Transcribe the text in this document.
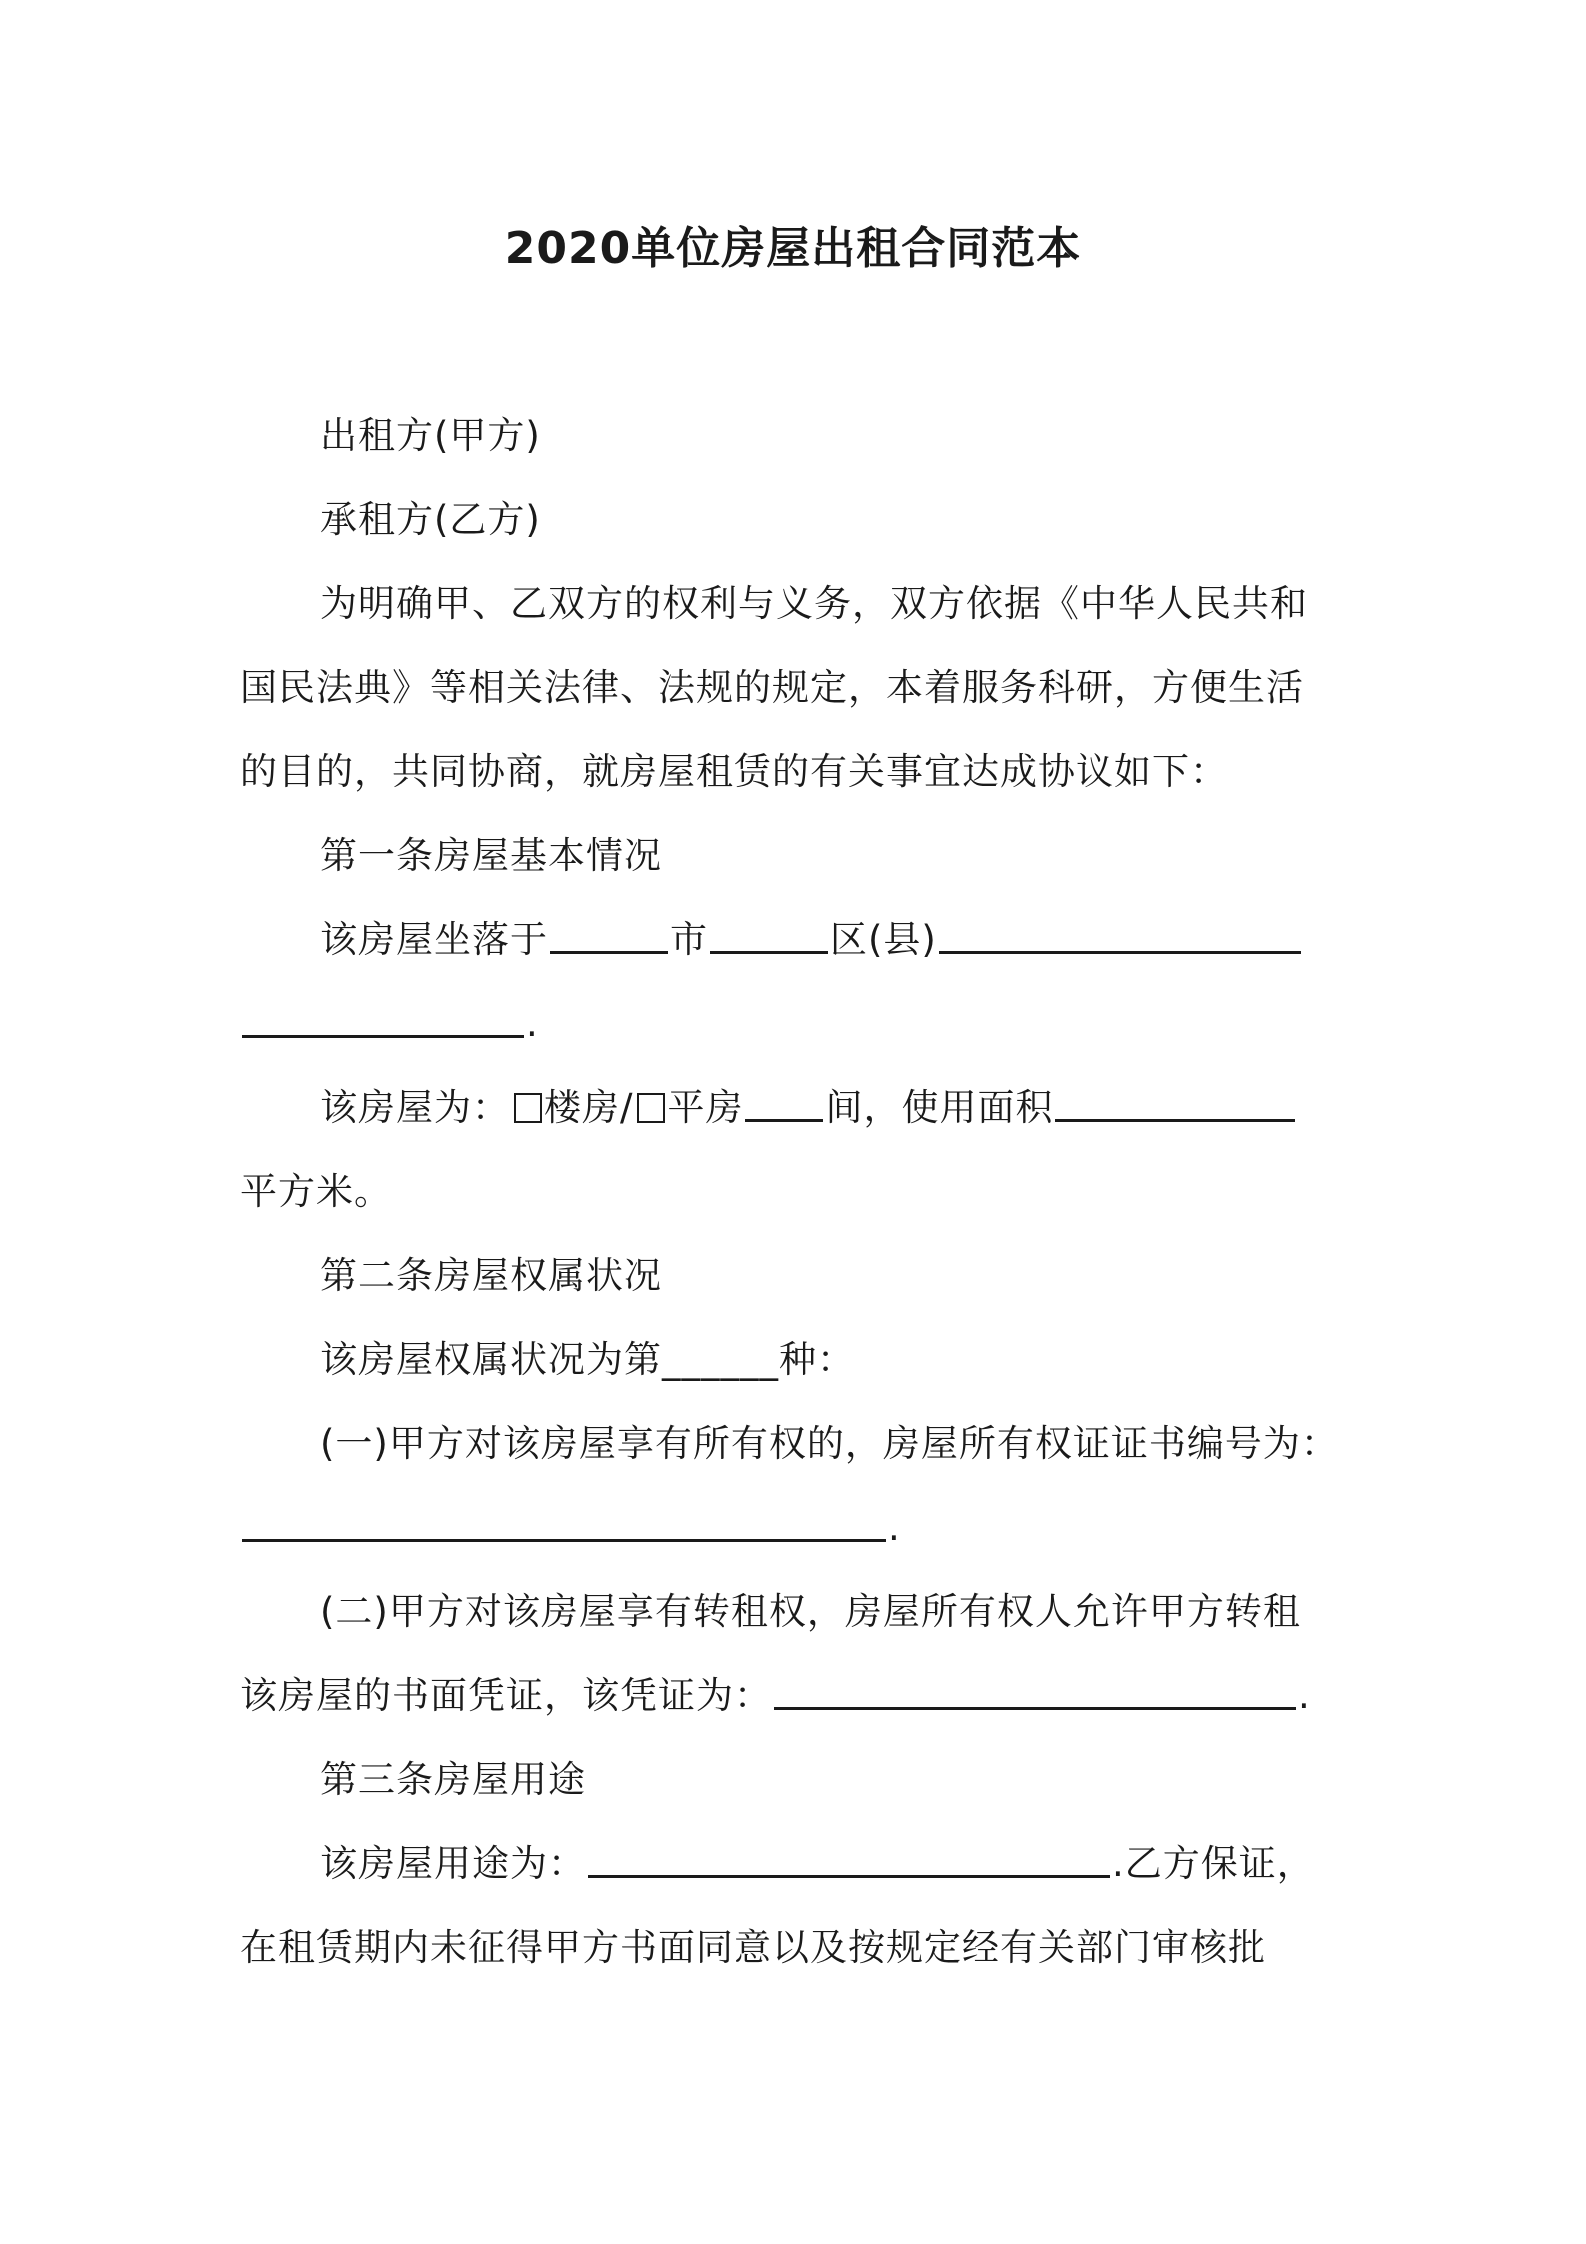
2020单位房屋出租合同范本
出租方(甲方)
承租方(乙方)
为明确甲、乙双方的权利与义务，双方依据《中华人民共和
国民法典》等相关法律、法规的规定，本着服务科研，方便生活
的目的，共同协商，就房屋租赁的有关事宜达成协议如下：
第一条房屋基本情况
该房屋坐落于	市	区(县)
.
该房屋为： 楼房/ 平房 间，使用面积
平方米。
第二条房屋权属状况
该房屋权属状况为第______种：
(一)甲方对该房屋享有所有权的，房屋所有权证证书编号为：
.
(二)甲方对该房屋享有转租权，房屋所有权人允许甲方转租
该房屋的书面凭证，该凭证为：	.
第三条房屋用途
该房屋用途为：	.乙方保证，
在租赁期内未征得甲方书面同意以及按规定经有关部门审核批
